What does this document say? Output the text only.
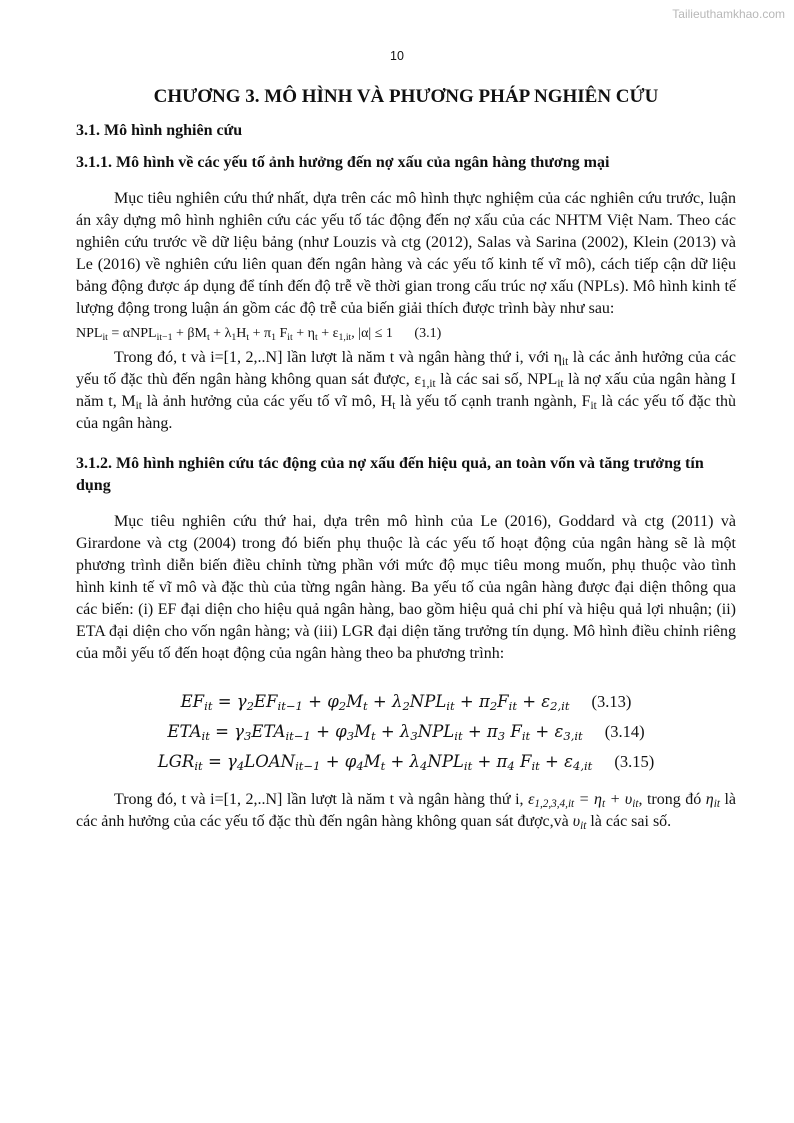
Tailieuthamkhao.com
10
CHƯƠNG 3. MÔ HÌNH VÀ PHƯƠNG PHÁP NGHIÊN CỨU
3.1. Mô hình nghiên cứu
3.1.1. Mô hình về các yếu tố ảnh hưởng đến nợ xấu của ngân hàng thương mại

Mục tiêu nghiên cứu thứ nhất, dựa trên các mô hình thực nghiệm của các nghiên cứu trước, luận án xây dựng mô hình nghiên cứu các yếu tố tác động đến nợ xấu của các NHTM Việt Nam. Theo các nghiên cứu trước về dữ liệu bảng (như Louzis và ctg (2012), Salas và Sarina (2002), Klein (2013) và Le (2016) về nghiên cứu liên quan đến ngân hàng và các yếu tố kinh tế vĩ mô), cách tiếp cận dữ liệu bảng động được áp dụng để tính đến độ trễ về thời gian trong cấu trúc nợ xấu (NPLs). Mô hình kinh tế lượng động trong luận án gồm các độ trễ của biến giải thích được trình bày như sau:

$NPL_{it} = \alpha NPL_{it-1} + \beta M_t + \lambda_1H_t + \pi_1$ $F_{it} + \eta_t + \varepsilon_{1,it}$, |α| ≤ 1 (3.1)

Trong đó, t và i=[1, 2,..N] lần lượt là năm t và ngân hàng thứ i, với $\eta_{it}$ là các ảnh hưởng của các yếu tố đặc thù đến ngân hàng không quan sát được, $\varepsilon_{1,it}$ là các sai số, $NPL_{it}$ là nợ xấu của ngân hàng I năm t, $M_{it}$ là ảnh hưởng của các yếu tố vĩ mô, $H_t$ là yếu tố cạnh tranh ngành, $F_{it}$ là các yếu tố đặc thù của ngân hàng.

3.1.2. Mô hình nghiên cứu tác động của nợ xấu đến hiệu quả, an toàn vốn và tăng trưởng tín dụng

Mục tiêu nghiên cứu thứ hai, dựa trên mô hình của Le (2016), Goddard và ctg (2011) và Girardone và ctg (2004) trong đó biến phụ thuộc là các yếu tố hoạt động của ngân hàng sẽ là một phương trình diễn biến điều chỉnh từng phần với mức độ mục tiêu mong muốn, phụ thuộc vào tình hình kinh tế vĩ mô và đặc thù của từng ngân hàng. Ba yếu tố của ngân hàng được đại diện thông qua các biến: (i) EF đại diện cho hiệu quả ngân hàng, bao gồm hiệu quả chi phí và hiệu quả lợi nhuận; (ii) ETA đại diện cho vốn ngân hàng; và (iii) LGR đại diện tăng trưởng tín dụng. Mô hình điều chỉnh riêng của mỗi yếu tố đến hoạt động của ngân hàng theo ba phương trình:

$EF_{it} = \gamma_2EF_{it-1} + \varphi_2M_t + \lambda_2NPL_{it} + \pi_2F_{it} + \varepsilon_{2,it}$ (3.13)
$ETA_{it} = \gamma_3ETA_{it-1} + \varphi_3M_t + \lambda_3NPL_{it} + \pi_3$ $F_{it} + \varepsilon_{3,it}$ (3.14)
$LGR_{it}$ = $\gamma_4LOAN_{it-1} + \varphi_4M_t + \lambda_4NPL_{it} + \pi_4$ $F_{it} + \varepsilon_{4,it}$ (3.15)

Trong đó, t và i=[1, 2,..N] lần lượt là năm t và ngân hàng thứ i, $\varepsilon_{1,2,3,4,it} = \eta_t + \upsilon_{it}$, trong đó $\eta_{it}$ là các ảnh hưởng của các yếu tố đặc thù đến ngân hàng không quan sát được,và $\upsilon_{it}$ là các sai số.
